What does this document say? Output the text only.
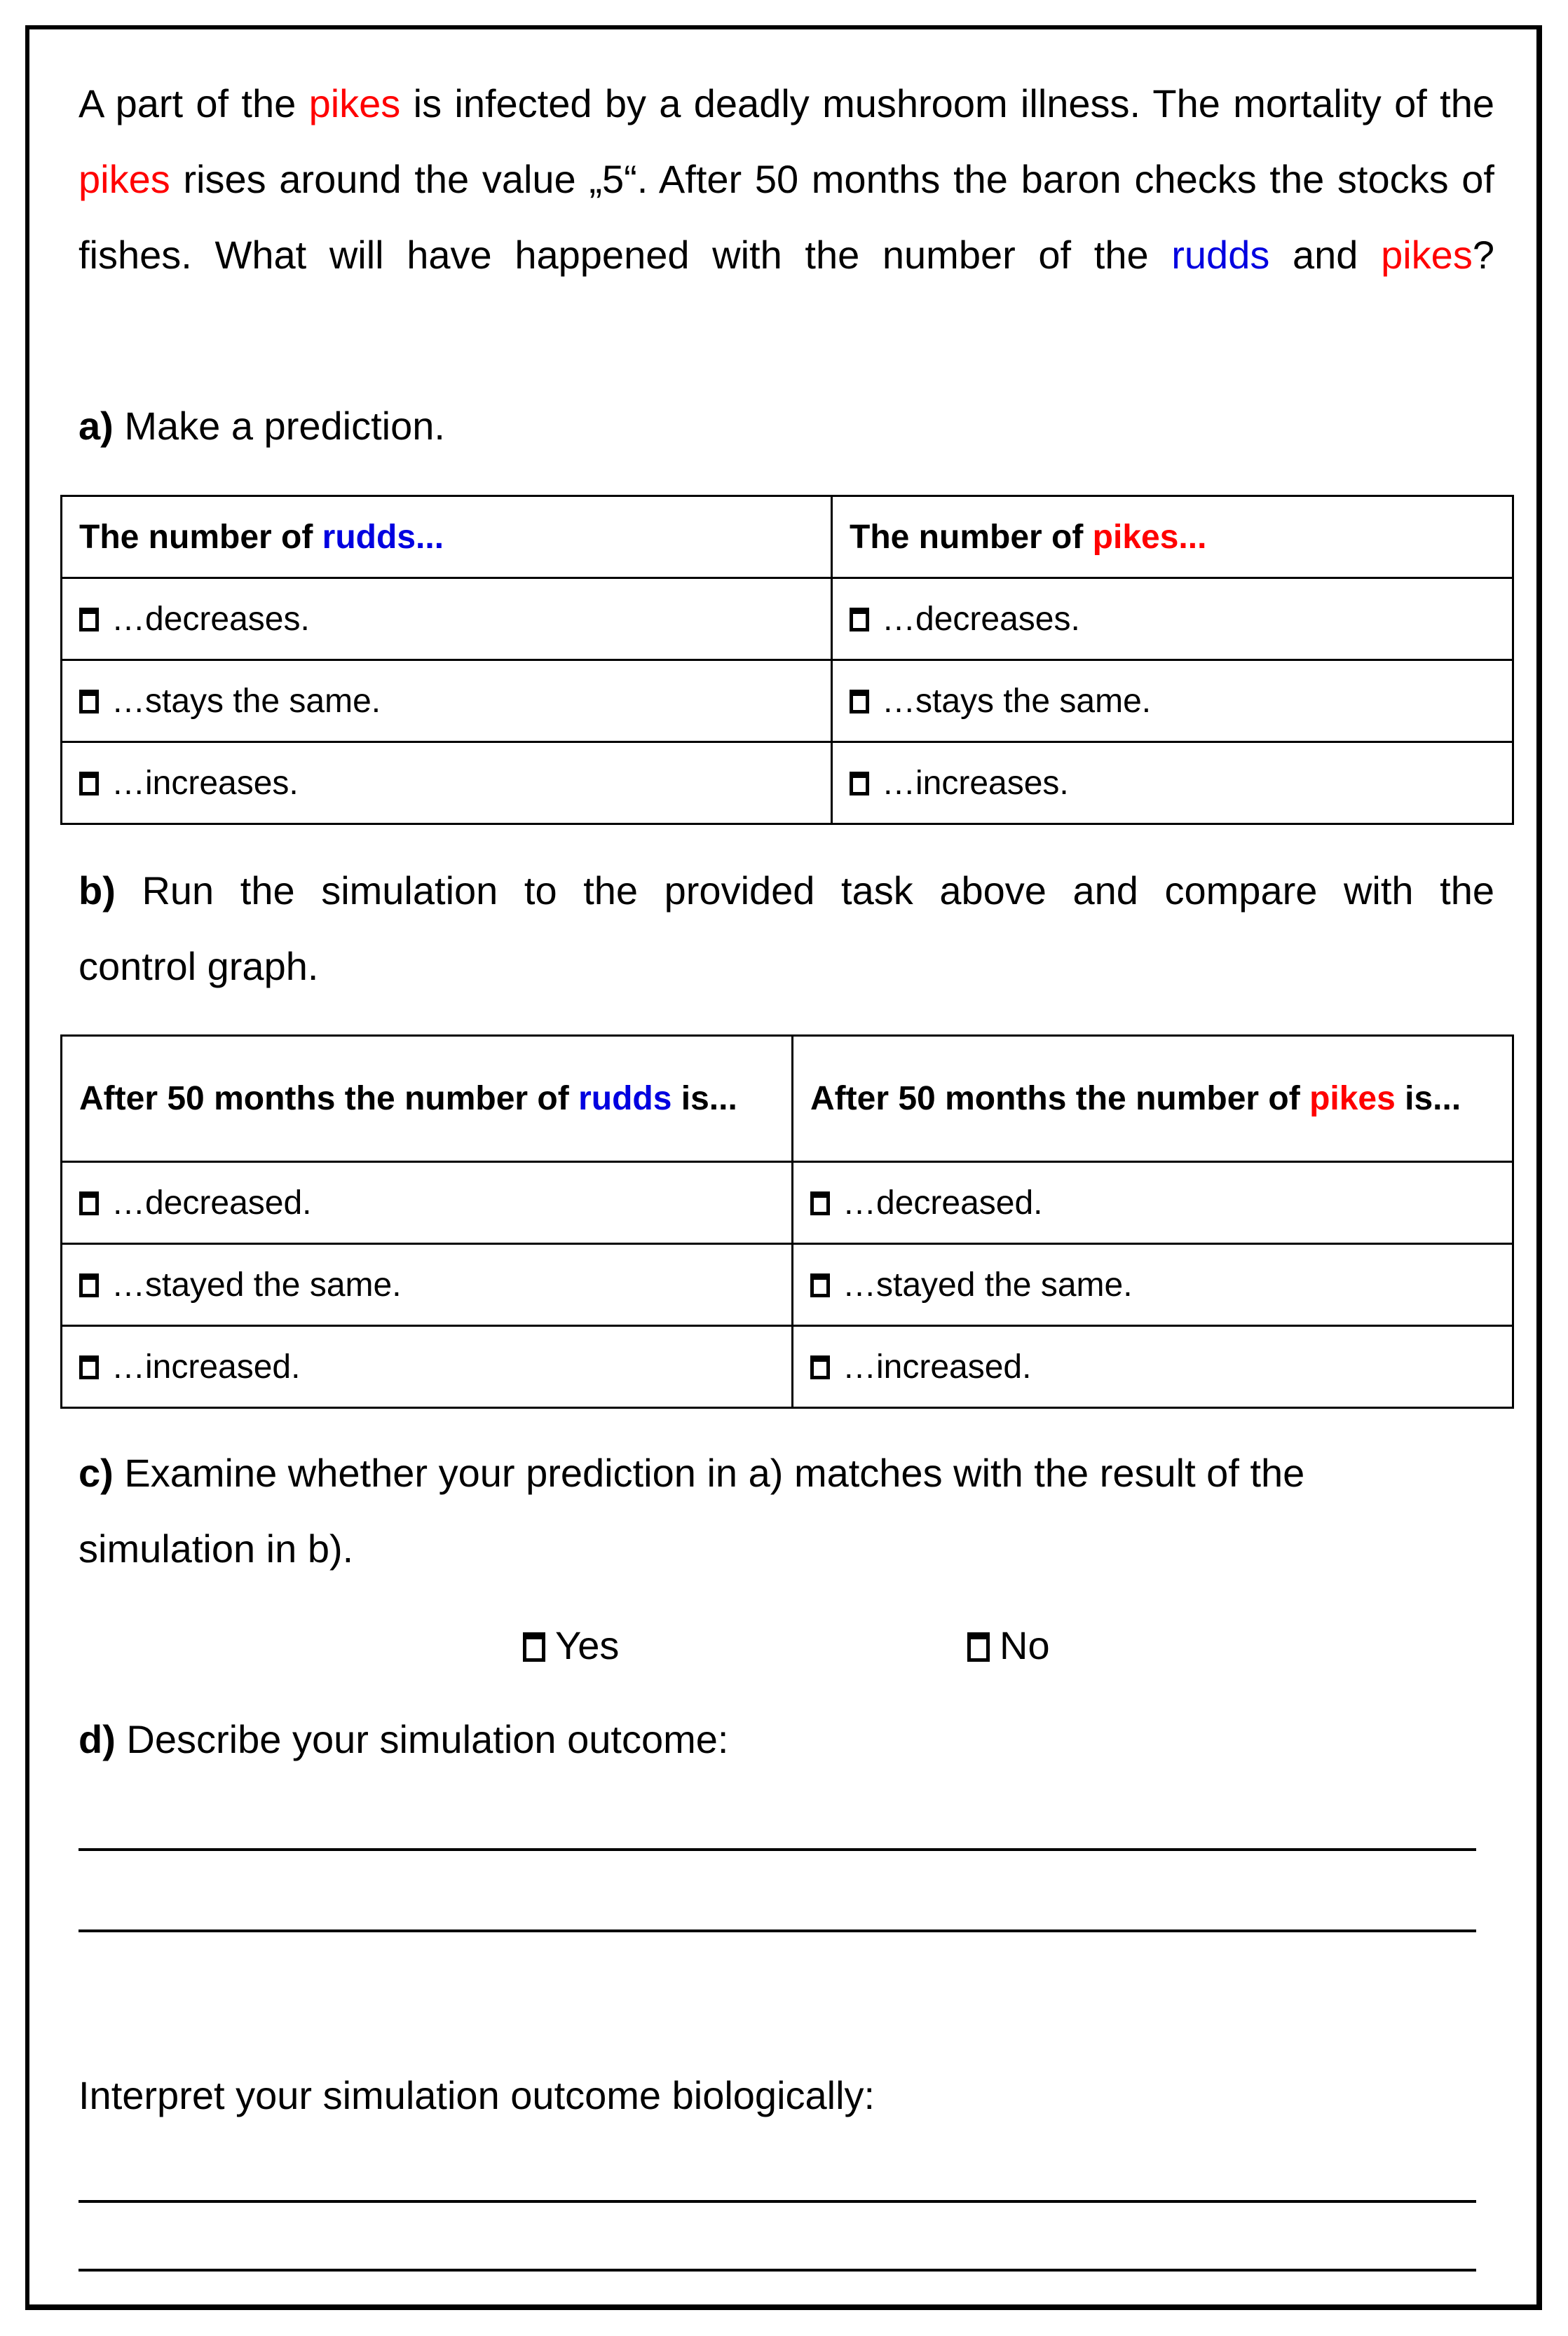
A part of the pikes is infected by a deadly mushroom illness. The mortality of the pikes rises around the value „5“. After 50 months the baron checks the stocks of fishes. What will have happened with the number of the rudds and pikes?
a) Make a prediction.
The number of rudds...	The number of pikes...
…decreases.	…decreases.
…stays the same.	…stays the same.
…increases.	…increases.
b) Run the simulation to the provided task above and compare with the
control graph.
After 50 months the number of rudds is...	After 50 months the number of pikes is...
…decreased.	…decreased.
…stayed the same.	…stayed the same.
…increased.	…increased.
c) Examine whether your prediction in a) matches with the result of the
simulation in b).
Yes	No
d) Describe your simulation outcome:
Interpret your simulation outcome biologically:
